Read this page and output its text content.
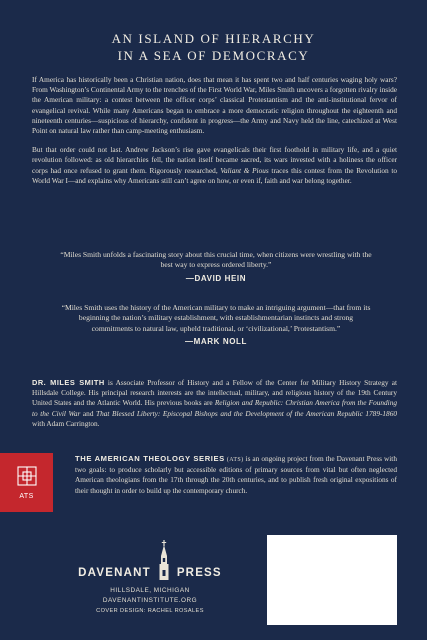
AN ISLAND OF HIERARCHY
IN A SEA OF DEMOCRACY

If America has historically been a Christian nation, does that mean it has spent two and half centuries waging holy wars? From Washington’s Continental Army to the trenches of the First World War, Miles Smith uncovers a forgotten rivalry inside the American military: a contest between the officer corps’ classical Protestantism and the anti-institutional fervor of evangelical revival. While many Americans began to embrace a more democratic religion throughout the eighteenth and nineteenth centuries—suspicious of hierarchy, confident in progress—the Army and Navy held the line, catechized at West Point on natural law rather than camp-meeting enthusiasm.

But that order could not last. Andrew Jackson’s rise gave evangelicals their first foothold in military life, and a quiet revolution followed: as old hierarchies fell, the nation itself became sacred, its wars invested with a holiness the officer corps had once refused to grant them. Rigorously researched, Valiant & Pious traces this contest from the Revolution to World War I—and explains why Americans still can’t agree on how, or even if, faith and war belong together.

“Miles Smith unfolds a fascinating story about this crucial time, when citizens were wrestling with the best way to express ordered liberty.”
—DAVID HEIN
“Miles Smith uses the history of the American military to make an intriguing argument—that from its beginning the nation’s military establishment, with establishmentarian instincts and strong commitments to natural law, upheld traditional, or ‘civilizational,’ Protestantism.”
—MARK NOLL
DR. MILES SMITH is Associate Professor of History and a Fellow of the Center for Military History Strategy at Hillsdale College. His principal research interests are the intellectual, military, and religious history of the 19th Century United States and the Atlantic World. His previous books are Religion and Republic: Christian America from the Founding to the Civil War and That Blessed Liberty: Episcopal Bishops and the Development of the American Republic 1789-1860 with Adam Carrington.
ATS
THE AMERICAN THEOLOGY SERIES (ATS) is an ongoing project from the Davenant Press with two goals: to produce scholarly but accessible editions of primary sources from vital but often neglected American theologians from the 17th through the 20th centuries, and to publish fresh original expositions of their thought in order to build up the contemporary church.
DAVENANT PRESS
HILLSDALE, MICHIGAN
DAVENANTINSTITUTE.ORG
COVER DESIGN: RACHEL ROSALES
